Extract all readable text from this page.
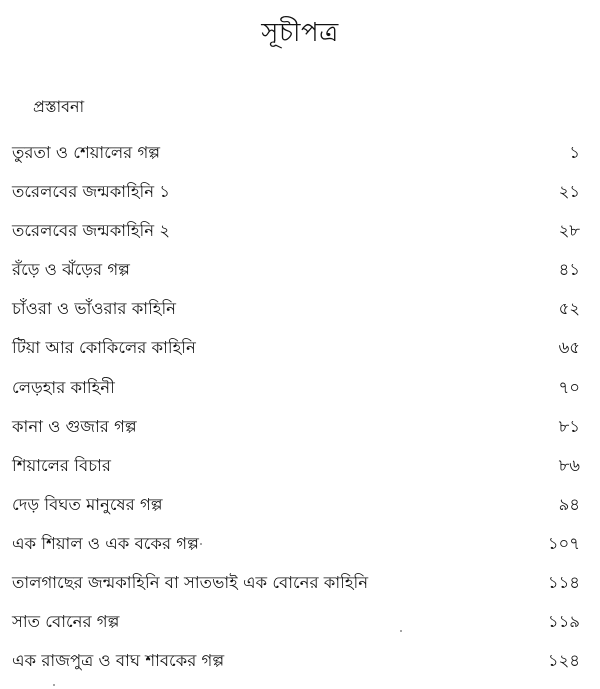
সূচীপত্র
প্রস্তাবনা
তুরতা ও শেয়ালের গল্প	১
তরেলবের জন্মকাহিনি ১	২১
তরেলবের জন্মকাহিনি ২	২৮
রঁড়ে ও ঝঁড়ের গল্প	৪১
চাঁওরা ও ভাঁওরার কাহিনি	৫২
টিয়া আর কোকিলের কাহিনি	৬৫
লেড়হার কাহিনী	৭০
কানা ও গুজার গল্প	৮১
শিয়ালের বিচার	৮৬
দেড় বিঘত মানুষের গল্প	৯৪
এক শিয়াল ও এক বকের গল্প	১০৭
তালগাছের জন্মকাহিনি বা সাতভাই এক বোনের কাহিনি	১১৪
সাত বোনের গল্প	১১৯
এক রাজপুত্র ও বাঘ শাবকের গল্প	১২৪
